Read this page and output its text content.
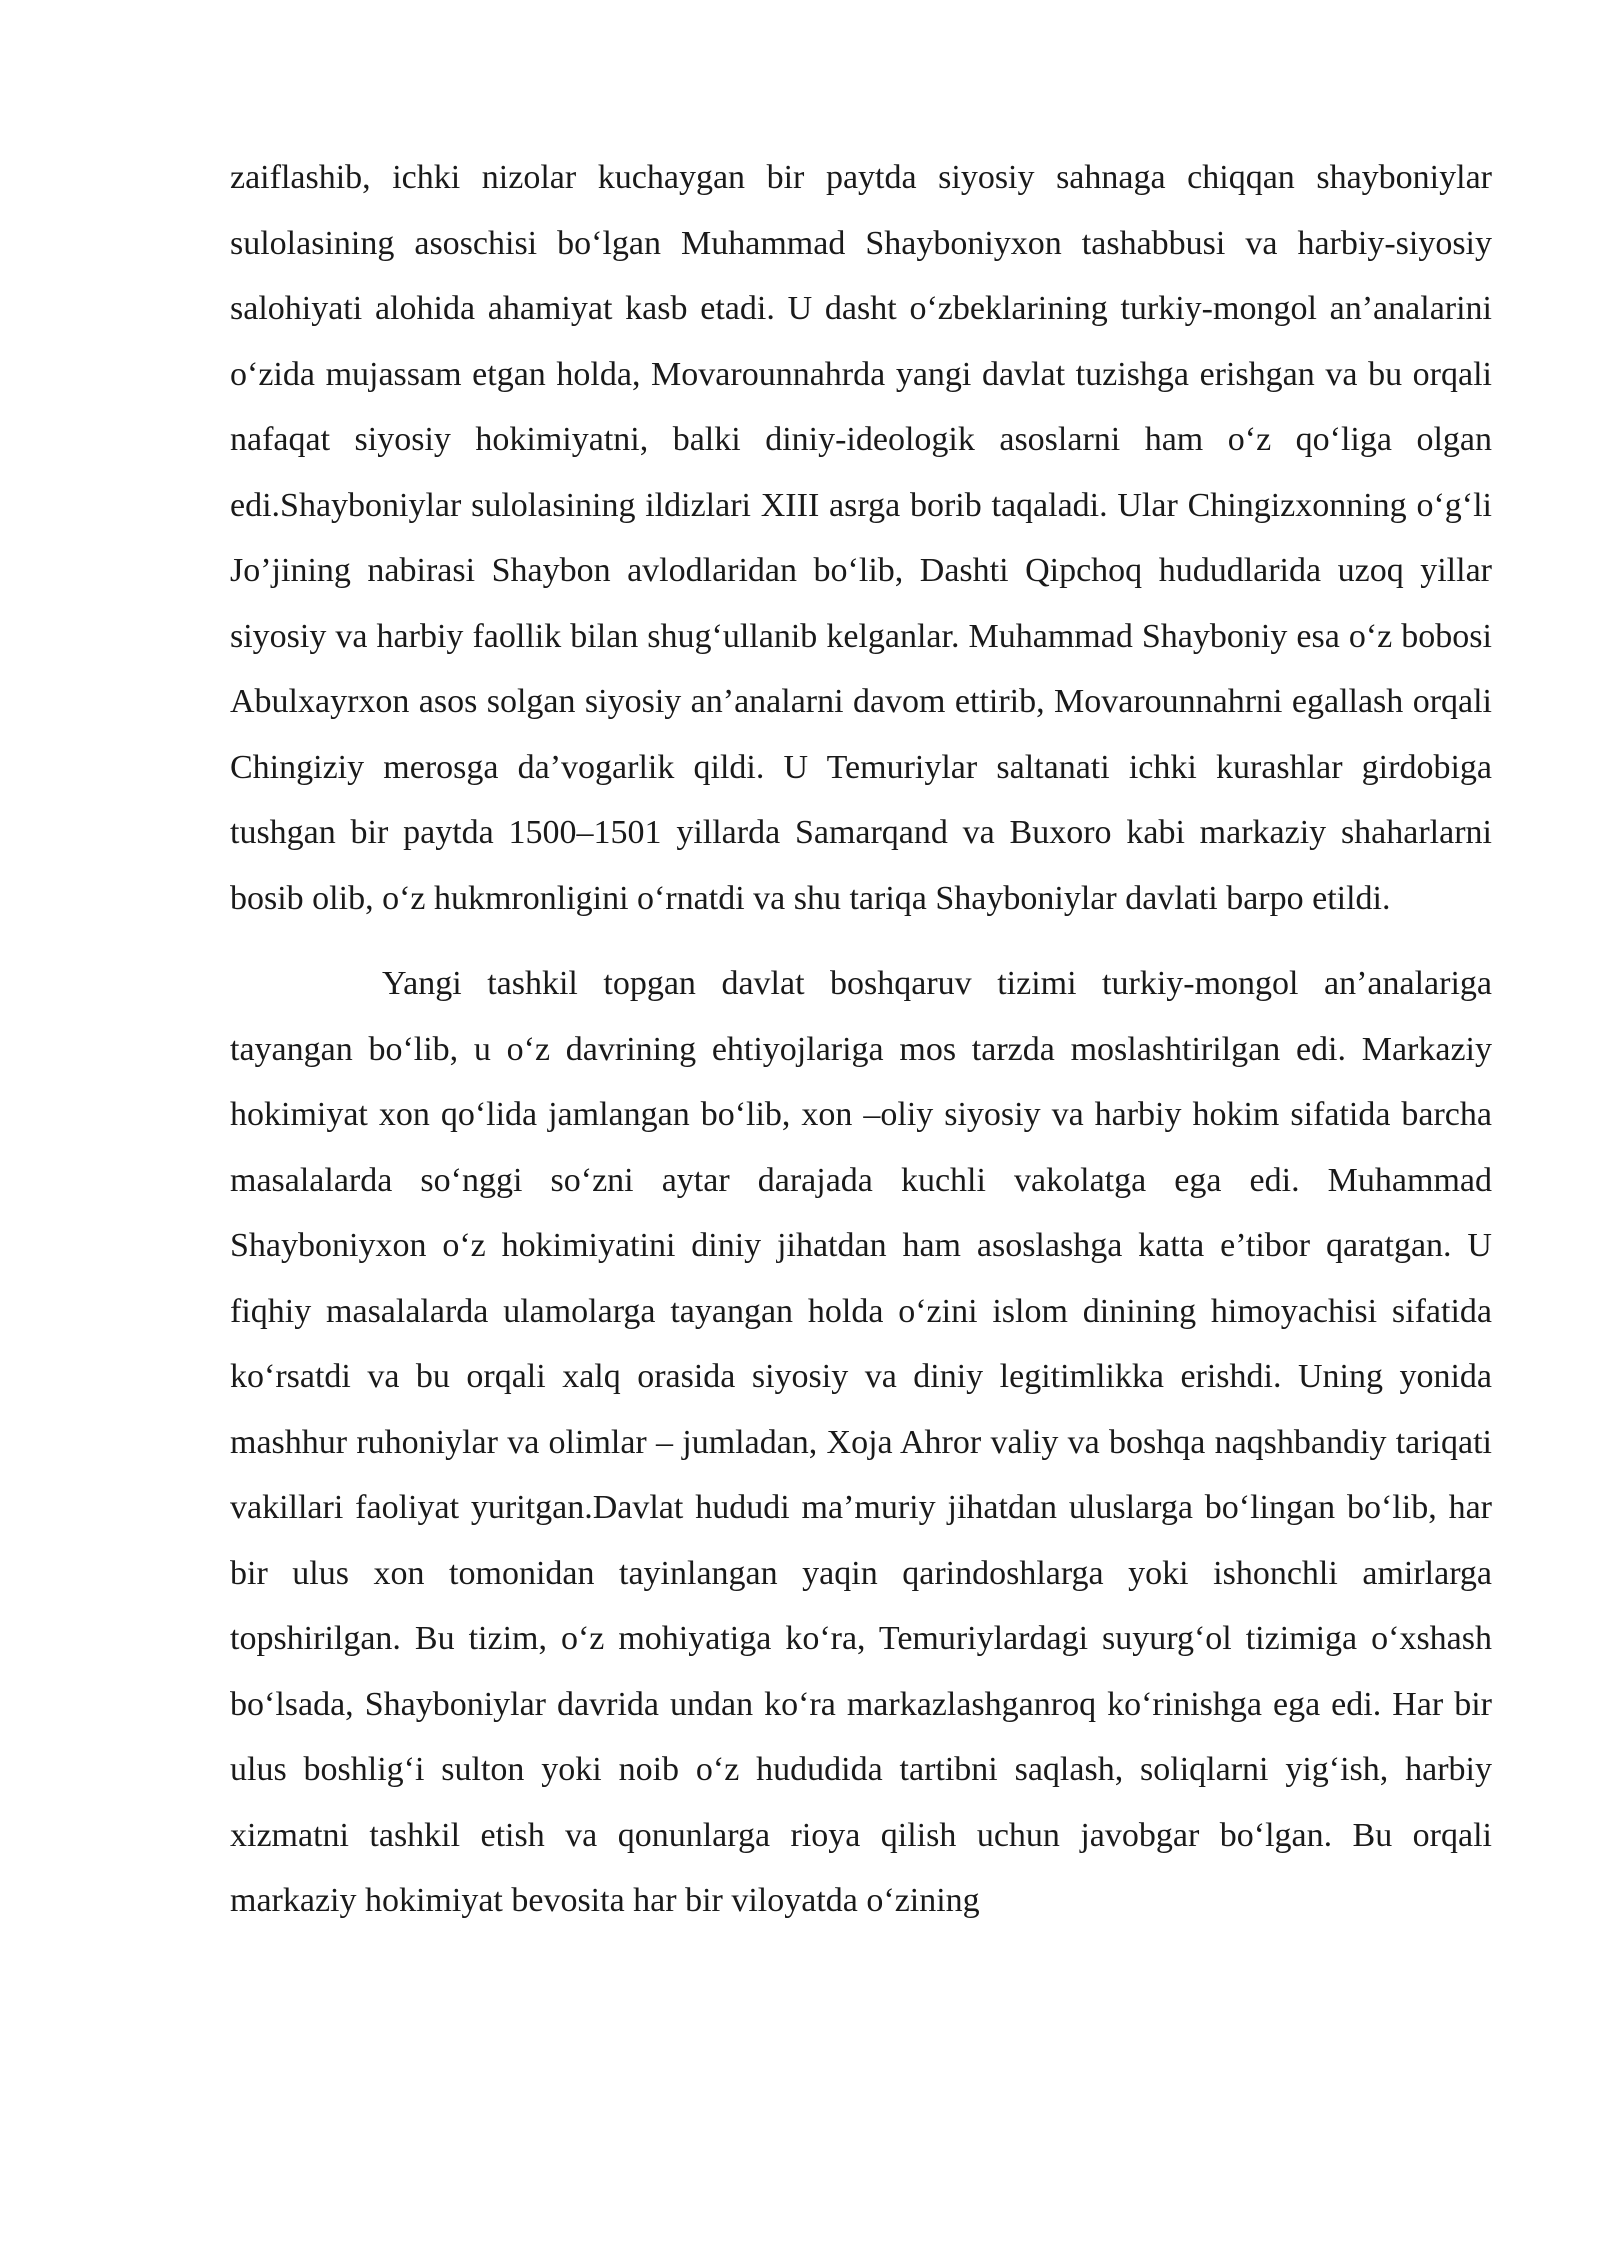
zaiflashib, ichki nizolar kuchaygan bir paytda siyosiy sahnaga chiqqan shayboniylar sulolasining asoschisi bo‘lgan Muhammad Shayboniyxon tashabbusi va harbiy-siyosiy salohiyati alohida ahamiyat kasb etadi. U dasht o‘zbeklarining turkiy-mongol an’analarini o‘zida mujassam etgan holda, Movarounnahrda yangi davlat tuzishga erishgan va bu orqali nafaqat siyosiy hokimiyatni, balki diniy-ideologik asoslarni ham o‘z qo‘liga olgan edi.Shayboniylar sulolasining ildizlari XIII asrga borib taqaladi. Ular Chingizxonning o‘g‘li Jo’jining nabirasi Shaybon avlodlaridan bo‘lib, Dashti Qipchoq hududlarida uzoq yillar siyosiy va harbiy faollik bilan shug‘ullanib kelganlar. Muhammad Shayboniy esa o‘z bobosi Abulxayrxon asos solgan siyosiy an’analarni davom ettirib, Movarounnahrni egallash orqali Chingiziy merosga da’vogarlik qildi. U Temuriylar saltanati ichki kurashlar girdobiga tushgan bir paytda 1500–1501 yillarda Samarqand va Buxoro kabi markaziy shaharlarni bosib olib, o‘z hukmronligini o‘rnatdi va shu tariqa Shayboniylar davlati barpo etildi.

Yangi tashkil topgan davlat boshqaruv tizimi turkiy-mongol an’analariga tayangan bo‘lib, u o‘z davrining ehtiyojlariga mos tarzda moslashtirilgan edi. Markaziy hokimiyat xon qo‘lida jamlangan bo‘lib, xon –oliy siyosiy va harbiy hokim sifatida barcha masalalarda so‘nggi so‘zni aytar darajada kuchli vakolatga ega edi. Muhammad Shayboniyxon o‘z hokimiyatini diniy jihatdan ham asoslashga katta e’tibor qaratgan. U fiqhiy masalalarda ulamolarga tayangan holda o‘zini islom dinining himoyachisi sifatida ko‘rsatdi va bu orqali xalq orasida siyosiy va diniy legitimlikka erishdi. Uning yonida mashhur ruhoniylar va olimlar – jumladan, Xoja Ahror valiy va boshqa naqshbandiy tariqati vakillari faoliyat yuritgan.Davlat hududi ma’muriy jihatdan uluslarga bo‘lingan bo‘lib, har bir ulus xon tomonidan tayinlangan yaqin qarindoshlarga yoki ishonchli amirlarga topshirilgan. Bu tizim, o‘z mohiyatiga ko‘ra, Temuriylardagi suyurg‘ol tizimiga o‘xshash bo‘lsada, Shayboniylar davrida undan ko‘ra markazlashganroq ko‘rinishga ega edi. Har bir ulus boshlig‘i sulton yoki noib o‘z hududida tartibni saqlash, soliqlarni yig‘ish, harbiy xizmatni tashkil etish va qonunlarga rioya qilish uchun javobgar bo‘lgan. Bu orqali markaziy hokimiyat bevosita har bir viloyatda o‘zining
